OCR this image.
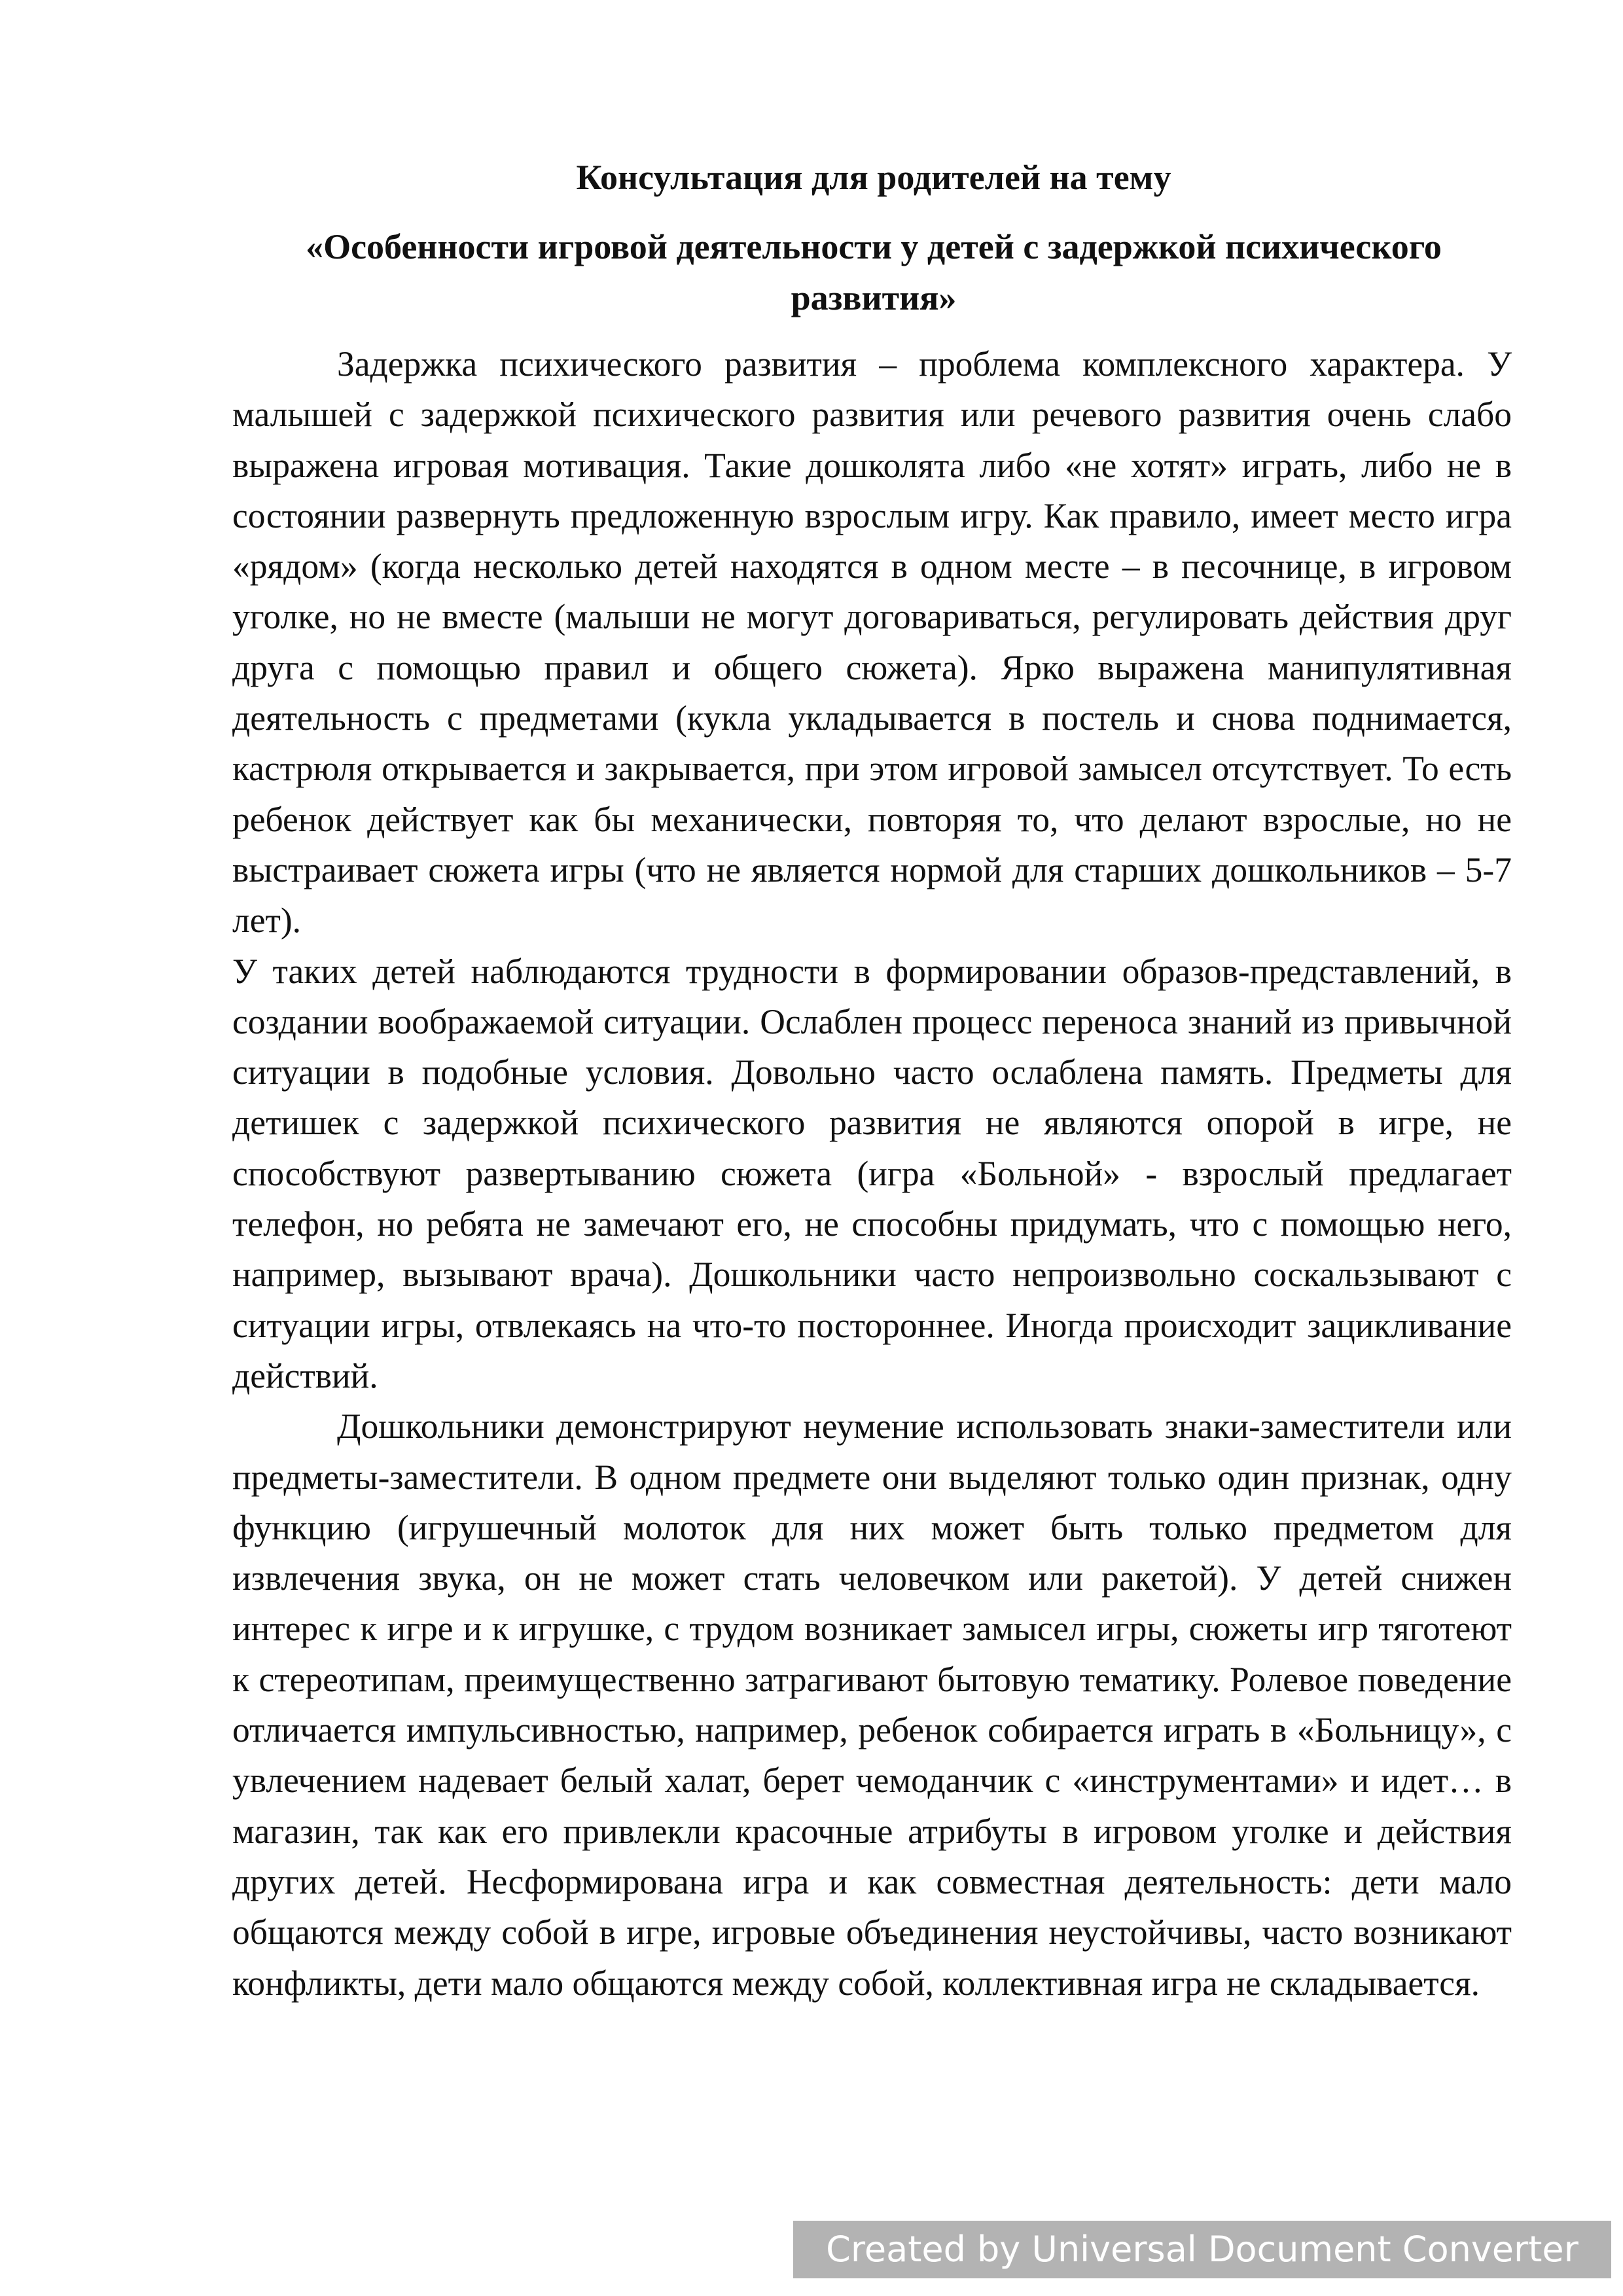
Консультация для родителей на тему
«Особенности игровой деятельности у детей с задержкой психического развития»

Задержка психического развития – проблема комплексного характера. У малышей с задержкой психического развития или речевого развития очень слабо выражена игровая мотивация. Такие дошколята либо «не хотят» играть, либо не в состоянии развернуть предложенную взрослым игру. Как правило, имеет место игра «рядом» (когда несколько детей находятся в одном месте – в песочнице, в игровом уголке, но не вместе (малыши не могут договариваться, регулировать действия друг друга с помощью правил и общего сюжета). Ярко выражена манипулятивная деятельность с предметами (кукла укладывается в постель и снова поднимается, кастрюля открывается и закрывается, при этом игровой замысел отсутствует. То есть ребенок действует как бы механически, повторяя то, что делают взрослые, но не выстраивает сюжета игры (что не является нормой для старших дошкольников – 5-7 лет).

У таких детей наблюдаются трудности в формировании образов-представлений, в создании воображаемой ситуации. Ослаблен процесс переноса знаний из привычной ситуации в подобные условия. Довольно часто ослаблена память. Предметы для детишек с задержкой психического развития не являются опорой в игре, не способствуют развертыванию сюжета (игра «Больной» - взрослый предлагает телефон, но ребята не замечают его, не способны придумать, что с помощью него, например, вызывают врача). Дошкольники часто непроизвольно соскальзывают с ситуации игры, отвлекаясь на что-то постороннее. Иногда происходит зацикливание действий.

Дошкольники демонстрируют неумение использовать знаки-заместители или предметы-заместители. В одном предмете они выделяют только один признак, одну функцию (игрушечный молоток для них может быть только предметом для извлечения звука, он не может стать человечком или ракетой). У детей снижен интерес к игре и к игрушке, с трудом возникает замысел игры, сюжеты игр тяготеют к стереотипам, преимущественно затрагивают бытовую тематику. Ролевое поведение отличается импульсивностью, например, ребенок собирается играть в «Больницу», с увлечением надевает белый халат, берет чемоданчик с «инструментами» и идет… в магазин, так как его привлекли красочные атрибуты в игровом уголке и действия других детей. Несформирована игра и как совместная деятельность: дети мало общаются между собой в игре, игровые объединения неустойчивы, часто возникают конфликты, дети мало общаются между собой, коллективная игра не складывается.

Created by Universal Document Converter
